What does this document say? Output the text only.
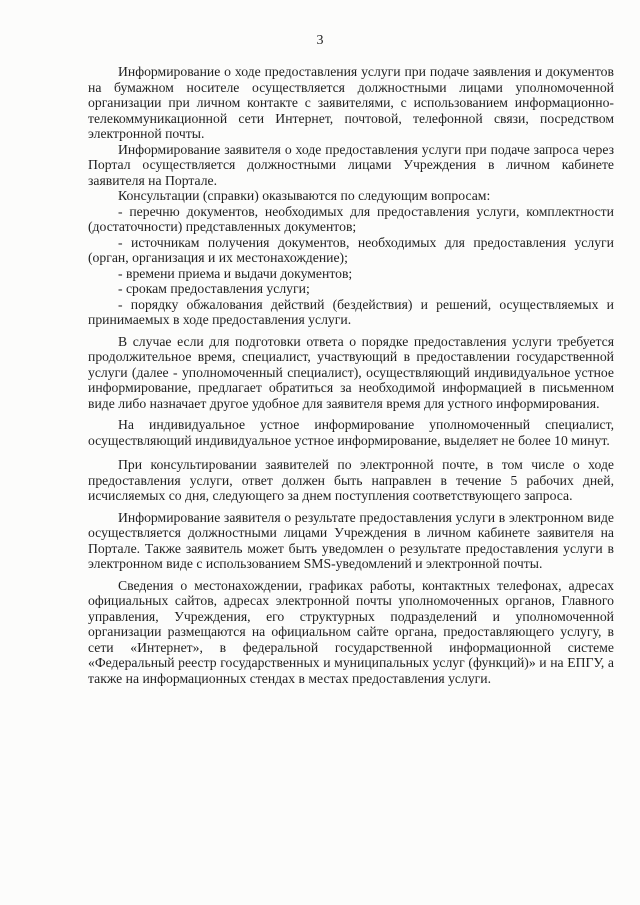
3

Информирование о ходе предоставления услуги при подаче заявления и документов на бумажном носителе осуществляется должностными лицами уполномоченной организации при личном контакте с заявителями, с использованием информационно-телекоммуникационной сети Интернет, почтовой, телефонной связи, посредством электронной почты.

Информирование заявителя о ходе предоставления услуги при подаче запроса через Портал осуществляется должностными лицами Учреждения в личном кабинете заявителя на Портале.

Консультации (справки) оказываются по следующим вопросам:

- перечню документов, необходимых для предоставления услуги, комплектности (достаточности) представленных документов;

- источникам получения документов, необходимых для предоставления услуги (орган, организация и их местонахождение);

- времени приема и выдачи документов;

- срокам предоставления услуги;

- порядку обжалования действий (бездействия) и решений, осуществляемых и принимаемых в ходе предоставления услуги.

В случае если для подготовки ответа о порядке предоставления услуги требуется продолжительное время, специалист, участвующий в предоставлении государственной услуги (далее - уполномоченный специалист), осуществляющий индивидуальное устное информирование, предлагает обратиться за необходимой информацией в письменном виде либо назначает другое удобное для заявителя время для устного информирования.

На индивидуальное устное информирование уполномоченный специалист, осуществляющий индивидуальное устное информирование, выделяет не более 10 минут.

При консультировании заявителей по электронной почте, в том числе о ходе предоставления услуги, ответ должен быть направлен в течение 5 рабочих дней, исчисляемых со дня, следующего за днем поступления соответствующего запроса.

Информирование заявителя о результате предоставления услуги в электронном виде осуществляется должностными лицами Учреждения в личном кабинете заявителя на Портале. Также заявитель может быть уведомлен о результате предоставления услуги в электронном виде с использованием SMS-уведомлений и электронной почты.

Сведения о местонахождении, графиках работы, контактных телефонах, адресах официальных сайтов, адресах электронной почты уполномоченных органов, Главного управления, Учреждения, его структурных подразделений и уполномоченной организации размещаются на официальном сайте органа, предоставляющего услугу, в сети «Интернет», в федеральной государственной информационной системе «Федеральный реестр государственных и муниципальных услуг (функций)» и на ЕПГУ, а также на информационных стендах в местах предоставления услуги.
